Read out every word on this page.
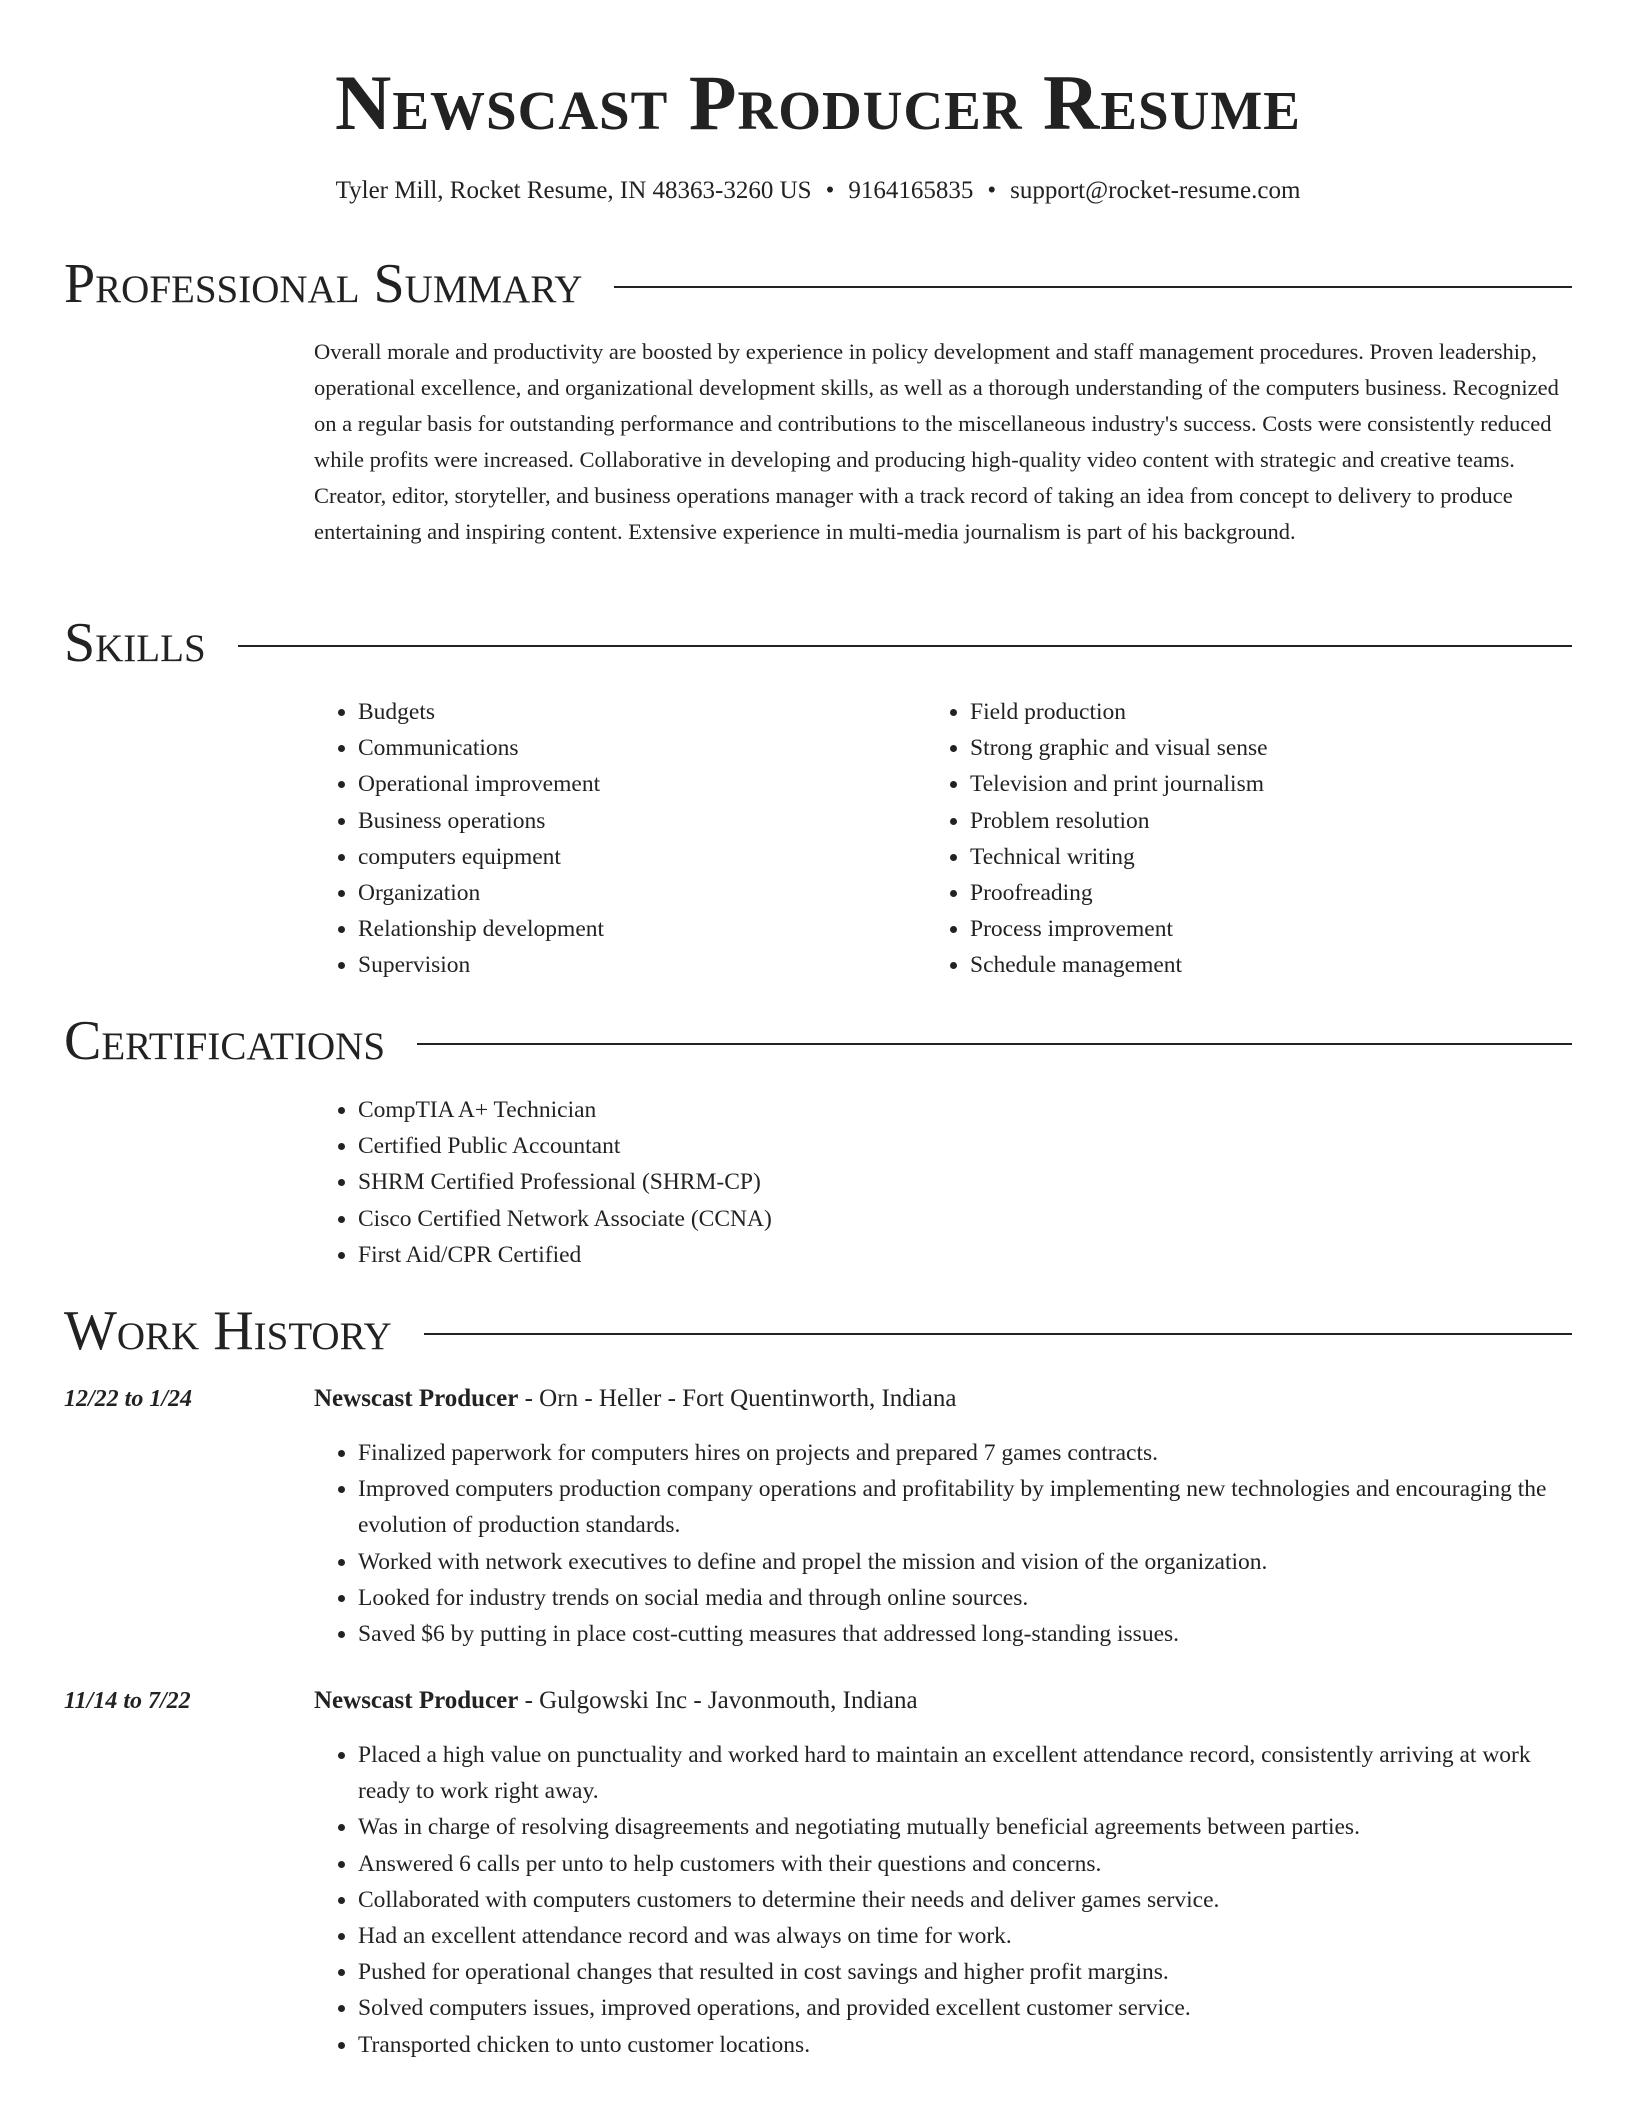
Newscast Producer Resume
Tyler Mill, Rocket Resume, IN 48363-3260 US • 9164165835 • support@rocket-resume.com
Professional Summary

Overall morale and productivity are boosted by experience in policy development and staff management procedures. Proven leadership, operational excellence, and organizational development skills, as well as a thorough understanding of the computers business. Recognized on a regular basis for outstanding performance and contributions to the miscellaneous industry's success. Costs were consistently reduced while profits were increased. Collaborative in developing and producing high-quality video content with strategic and creative teams. Creator, editor, storyteller, and business operations manager with a track record of taking an idea from concept to delivery to produce entertaining and inspiring content. Extensive experience in multi-media journalism is part of his background.

Skills
• Budgets
• Communications
• Operational improvement
• Business operations
• computers equipment
• Organization
• Relationship development
• Supervision
• Field production
• Strong graphic and visual sense
• Television and print journalism
• Problem resolution
• Technical writing
• Proofreading
• Process improvement
• Schedule management
Certifications
• CompTIA A+ Technician
• Certified Public Accountant
• SHRM Certified Professional (SHRM-CP)
• Cisco Certified Network Associate (CCNA)
• First Aid/CPR Certified
Work History
12/22 to 1/24	Newscast Producer - Orn - Heller - Fort Quentinworth, Indiana
• Finalized paperwork for computers hires on projects and prepared 7 games contracts.
• Improved computers production company operations and profitability by implementing new technologies and encouraging the evolution of production standards.
• Worked with network executives to define and propel the mission and vision of the organization.
• Looked for industry trends on social media and through online sources.
• Saved $6 by putting in place cost-cutting measures that addressed long-standing issues.
11/14 to 7/22	Newscast Producer - Gulgowski Inc - Javonmouth, Indiana
• Placed a high value on punctuality and worked hard to maintain an excellent attendance record, consistently arriving at work ready to work right away.
• Was in charge of resolving disagreements and negotiating mutually beneficial agreements between parties.
• Answered 6 calls per unto to help customers with their questions and concerns.
• Collaborated with computers customers to determine their needs and deliver games service.
• Had an excellent attendance record and was always on time for work.
• Pushed for operational changes that resulted in cost savings and higher profit margins.
• Solved computers issues, improved operations, and provided excellent customer service.
• Transported chicken to unto customer locations.
